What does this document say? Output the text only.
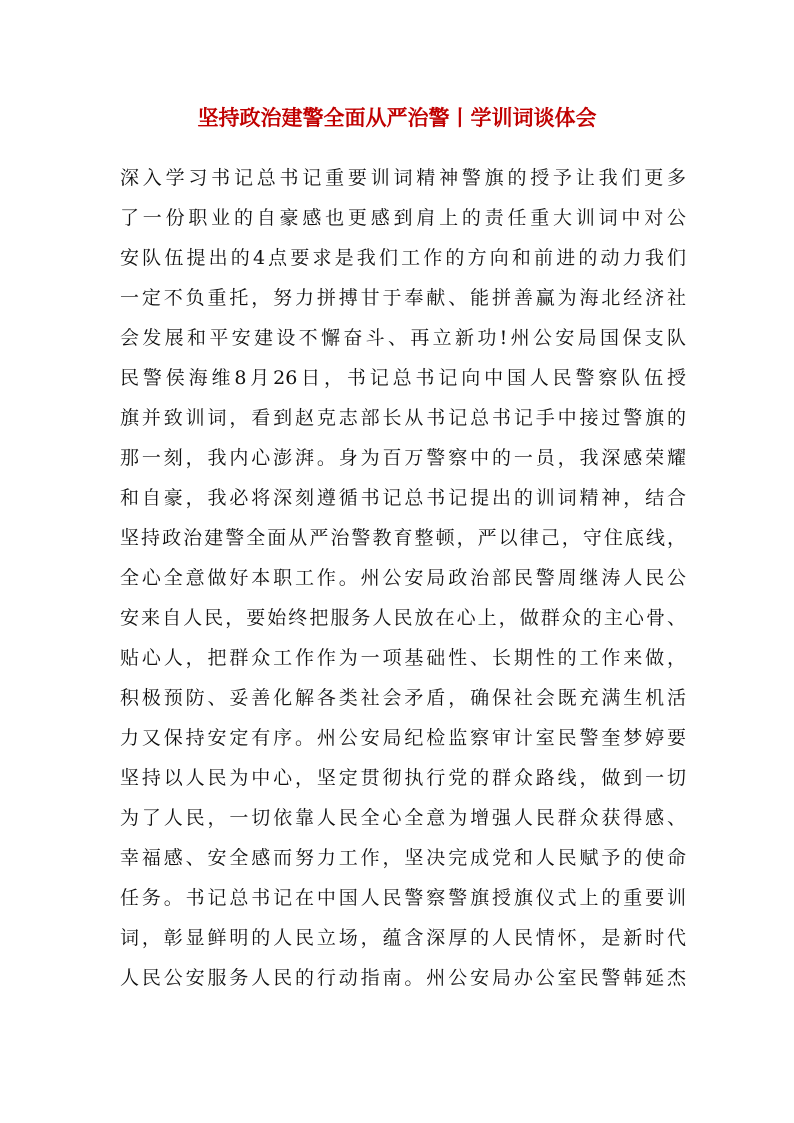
坚持政治建警全面从严治警丨学训词谈体会
深入学习书记总书记重要训词精神警旗的授予让我们更多
了一份职业的自豪感也更感到肩上的责任重大训词中对公
安队伍提出的4点要求是我们工作的方向和前进的动力我们
一定不负重托，努力拼搏甘于奉献、能拼善赢为海北经济社
会发展和平安建设不懈奋斗、再立新功!州公安局国保支队
民警侯海维8月26日，书记总书记向中国人民警察队伍授
旗并致训词，看到赵克志部长从书记总书记手中接过警旗的
那一刻，我内心澎湃。身为百万警察中的一员，我深感荣耀
和自豪，我必将深刻遵循书记总书记提出的训词精神，结合
坚持政治建警全面从严治警教育整顿，严以律己，守住底线，
全心全意做好本职工作。州公安局政治部民警周继涛人民公
安来自人民，要始终把服务人民放在心上，做群众的主心骨、
贴心人，把群众工作作为一项基础性、长期性的工作来做，
积极预防、妥善化解各类社会矛盾，确保社会既充满生机活
力又保持安定有序。州公安局纪检监察审计室民警奎梦婷要
坚持以人民为中心，坚定贯彻执行党的群众路线，做到一切
为了人民，一切依靠人民全心全意为增强人民群众获得感、
幸福感、安全感而努力工作，坚决完成党和人民赋予的使命
任务。书记总书记在中国人民警察警旗授旗仪式上的重要训
词，彰显鲜明的人民立场，蕴含深厚的人民情怀，是新时代
人民公安服务人民的行动指南。州公安局办公室民警韩延杰
